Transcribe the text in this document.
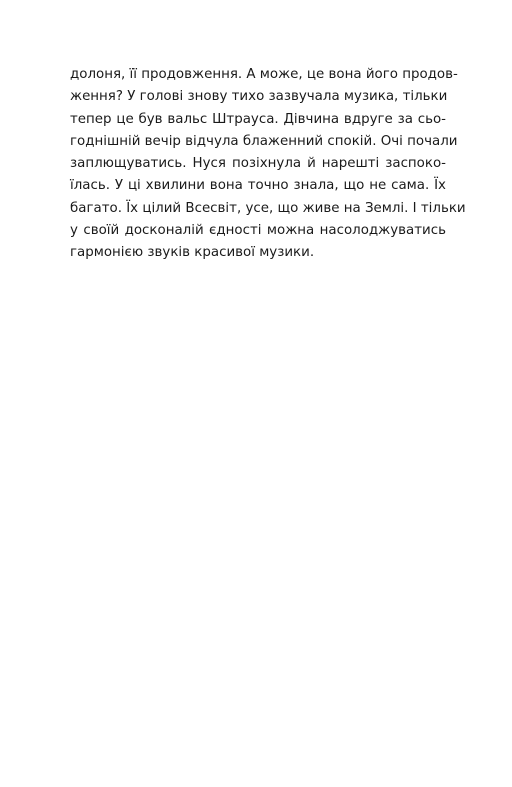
долоня, її продовження. А може, це вона його продов-
ження? У голові знову тихо зазвучала музика, тільки
тепер це був вальс Штрауса. Дівчина вдруге за сьо-
годнішній вечір відчула блаженний спокій. Очі почали
заплющуватись. Нуся позіхнула й нарешті заспоко-
їлась. У ці хвилини вона точно знала, що не сама. Їх
багато. Їх цілий Всесвіт, усе, що живе на Землі. І тільки
у своїй досконалій єдності можна насолоджуватись
гармонією звуків красивої музики.
